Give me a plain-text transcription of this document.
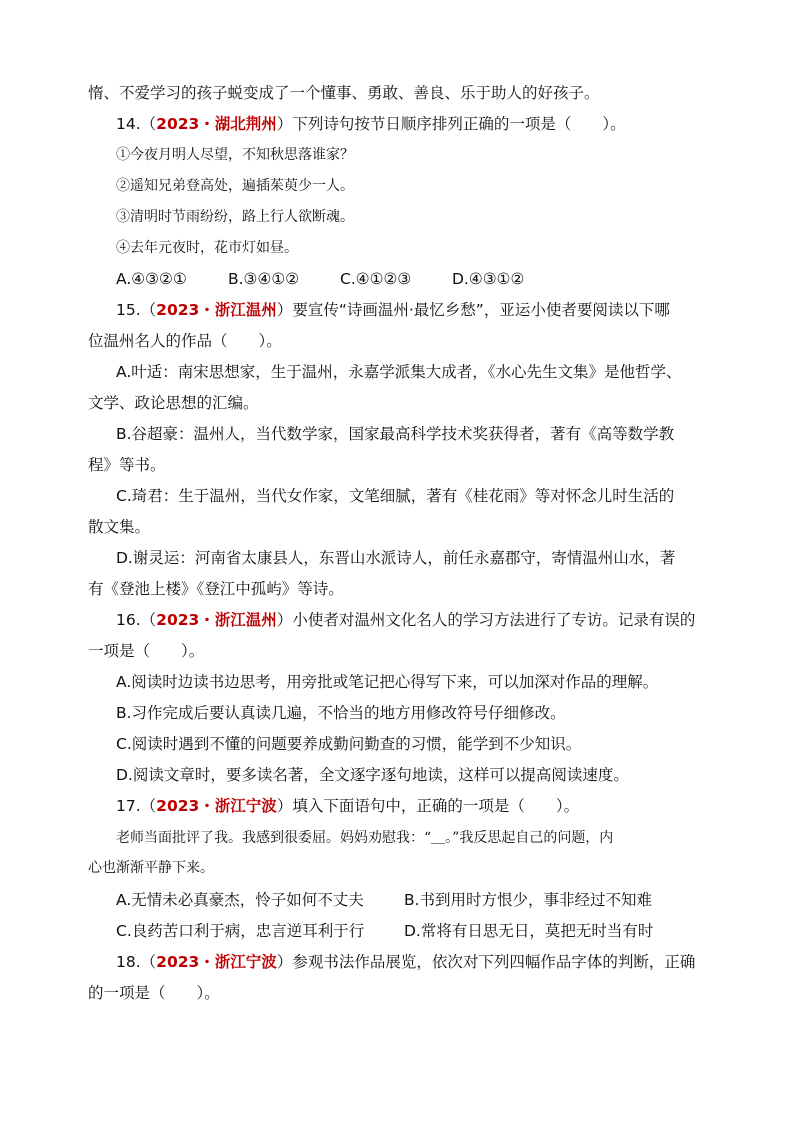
惰、不爱学习的孩子蜕变成了一个懂事、勇敢、善良、乐于助人的好孩子。
14.（2023・湖北荆州）下列诗句按节日顺序排列正确的一项是（　　）。
①今夜月明人尽望，不知秋思落谁家？
②遥知兄弟登高处，遍插茱萸少一人。
③清明时节雨纷纷，路上行人欲断魂。
④去年元夜时，花市灯如昼。
A.④③②①	B.③④①②	C.④①②③	D.④③①②
15.（2023・浙江温州）要宣传“诗画温州·最忆乡愁”，亚运小使者要阅读以下哪
位温州名人的作品（　　）。
A.叶适：南宋思想家，生于温州，永嘉学派集大成者，《水心先生文集》是他哲学、
文学、政论思想的汇编。
B.谷超豪：温州人，当代数学家，国家最高科学技术奖获得者，著有《高等数学教
程》等书。
C.琦君：生于温州，当代女作家，文笔细腻，著有《桂花雨》等对怀念儿时生活的
散文集。
D.谢灵运：河南省太康县人，东晋山水派诗人，前任永嘉郡守，寄情温州山水，著
有《登池上楼》《登江中孤屿》等诗。
16.（2023・浙江温州）小使者对温州文化名人的学习方法进行了专访。记录有误的
一项是（　　）。
A.阅读时边读书边思考，用旁批或笔记把心得写下来，可以加深对作品的理解。
B.习作完成后要认真读几遍，不恰当的地方用修改符号仔细修改。
C.阅读时遇到不懂的问题要养成勤问勤查的习惯，能学到不少知识。
D.阅读文章时，要多读名著，全文逐字逐句地读，这样可以提高阅读速度。
17.（2023・浙江宁波）填入下面语句中，正确的一项是（　　）。
老师当面批评了我。我感到很委屈。妈妈劝慰我：“＿。”我反思起自己的问题，内
心也渐渐平静下来。
A.无情未必真豪杰，怜子如何不丈夫	B.书到用时方恨少，事非经过不知难
C.良药苦口利于病，忠言逆耳利于行	D.常将有日思无日，莫把无时当有时
18.（2023・浙江宁波）参观书法作品展览，依次对下列四幅作品字体的判断，正确
的一项是（　　）。
